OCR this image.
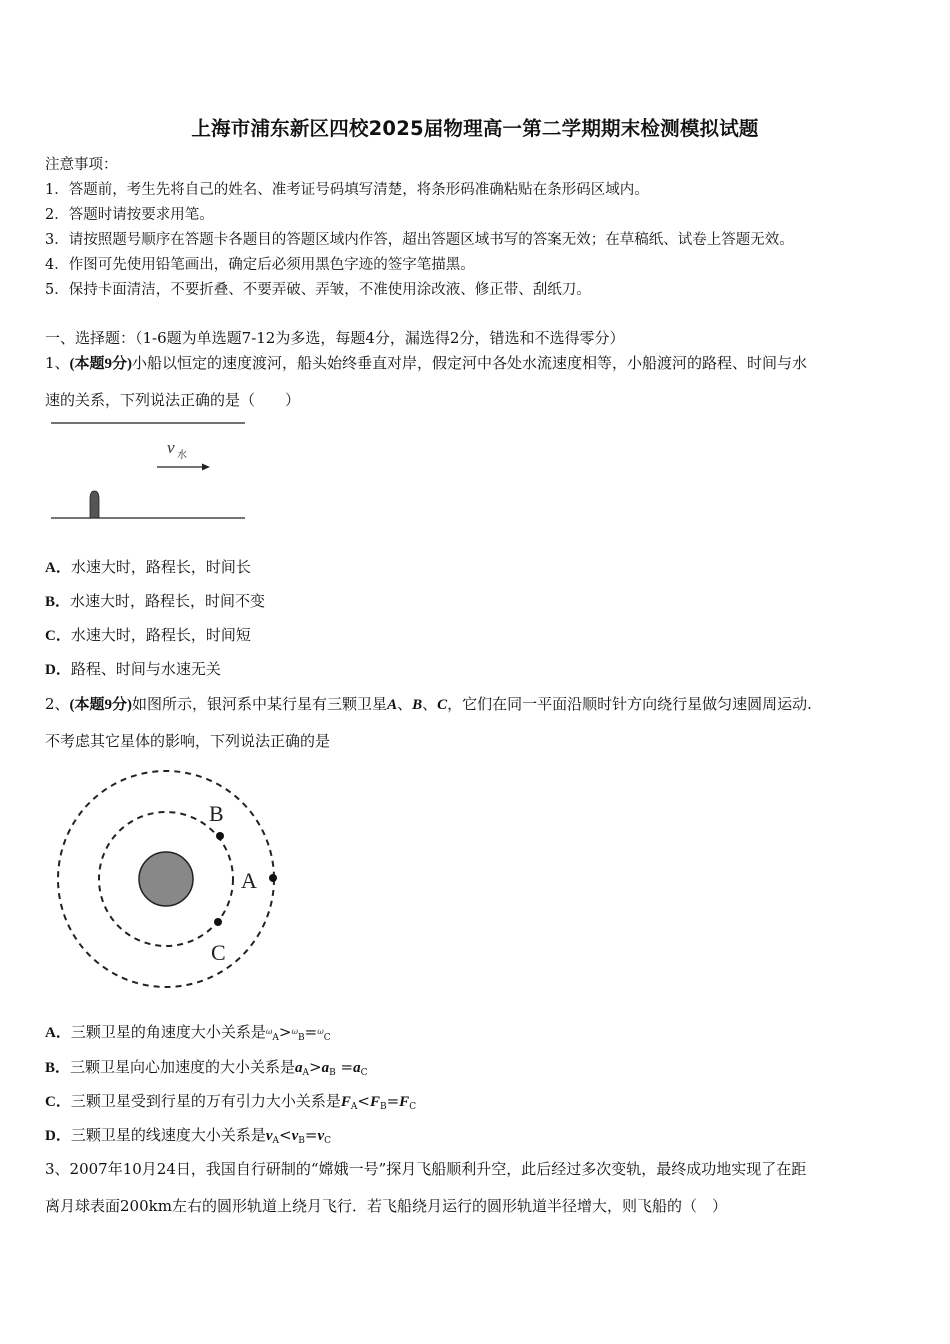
上海市浦东新区四校2025届物理高一第二学期期末检测模拟试题
注意事项：
1．答题前，考生先将自己的姓名、准考证号码填写清楚，将条形码准确粘贴在条形码区域内。
2．答题时请按要求用笔。
3．请按照题号顺序在答题卡各题目的答题区域内作答，超出答题区域书写的答案无效；在草稿纸、试卷上答题无效。
4．作图可先使用铅笔画出，确定后必须用黑色字迹的签字笔描黑。
5．保持卡面清洁，不要折叠、不要弄破、弄皱，不准使用涂改液、修正带、刮纸刀。
一、选择题：（1-6题为单选题7-12为多选，每题4分，漏选得2分，错选和不选得零分）
1、(本题9分)小船以恒定的速度渡河，船头始终垂直对岸，假定河中各处水流速度相等，小船渡河的路程、时间与水
速的关系，下列说法正确的是（　　）
v 水
A．水速大时，路程长，时间长
B．水速大时，路程长，时间不变
C．水速大时，路程长，时间短
D．路程、时间与水速无关
2、(本题9分)如图所示，银河系中某行星有三颗卫星A、B、C，它们在同一平面沿顺时针方向绕行星做匀速圆周运动.
不考虑其它星体的影响，下列说法正确的是
B
A
C
A．三颗卫星的角速度大小关系是$^\omega_A$>$^\omega_B$=$^\omega_C$
B．三颗卫星向心加速度的大小关系是$a_A>a_B =a_C$
C．三颗卫星受到行星的万有引力大小关系是$F_A<F_B=F_C$
D．三颗卫星的线速度大小关系是$v_A<v_B=v_C$
3、2007年10月24日，我国自行研制的“嫦娥一号”探月飞船顺利升空，此后经过多次变轨，最终成功地实现了在距
离月球表面200km左右的圆形轨道上绕月飞行．若飞船绕月运行的圆形轨道半径增大，则飞船的（　）
